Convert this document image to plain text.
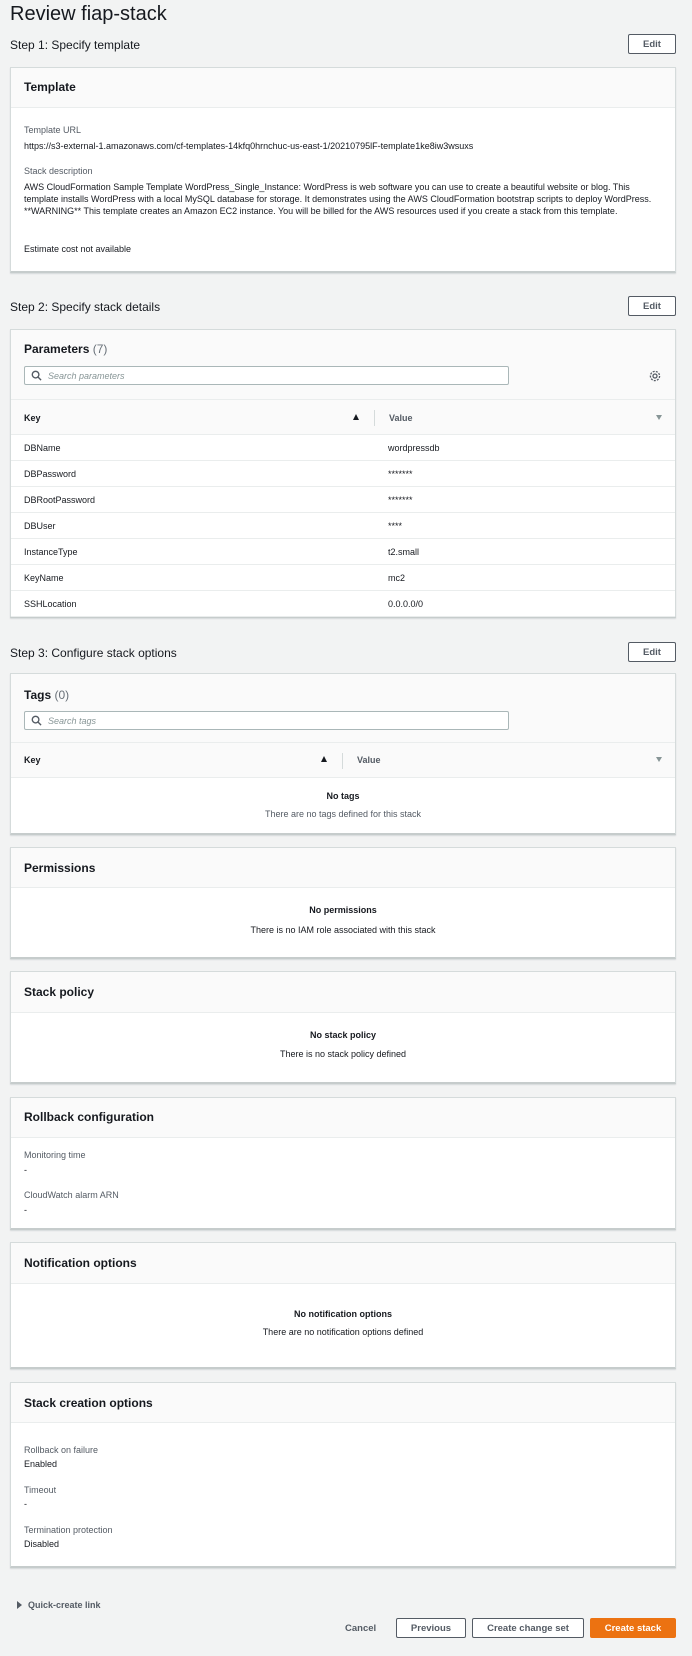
Review fiap-stack
Step 1: Specify template	Edit
Template
Template URL
https://s3-external-1.amazonaws.com/cf-templates-14kfq0hrnchuc-us-east-1/20210795lF-template1ke8iw3wsuxs
Stack description
AWS CloudFormation Sample Template WordPress_Single_Instance: WordPress is web software you can use to create a beautiful website or blog. This template installs WordPress with a local MySQL database for storage. It demonstrates using the AWS CloudFormation bootstrap scripts to deploy WordPress. **WARNING** This template creates an Amazon EC2 instance. You will be billed for the AWS resources used if you create a stack from this template.
Estimate cost not available
Step 2: Specify stack details	Edit
Parameters (7)
Search parameters
Key	Value
DBName	wordpressdb
DBPassword	*******
DBRootPassword	*******
DBUser	****
InstanceType	t2.small
KeyName	mc2
SSHLocation	0.0.0.0/0
Step 3: Configure stack options	Edit
Tags (0)
Search tags
Key	Value
No tags
There are no tags defined for this stack
Permissions
No permissions
There is no IAM role associated with this stack
Stack policy
No stack policy
There is no stack policy defined
Rollback configuration
Monitoring time
-
CloudWatch alarm ARN
-
Notification options
No notification options
There are no notification options defined
Stack creation options
Rollback on failure
Enabled
Timeout
-
Termination protection
Disabled
Quick-create link
Cancel	Previous	Create change set	Create stack
